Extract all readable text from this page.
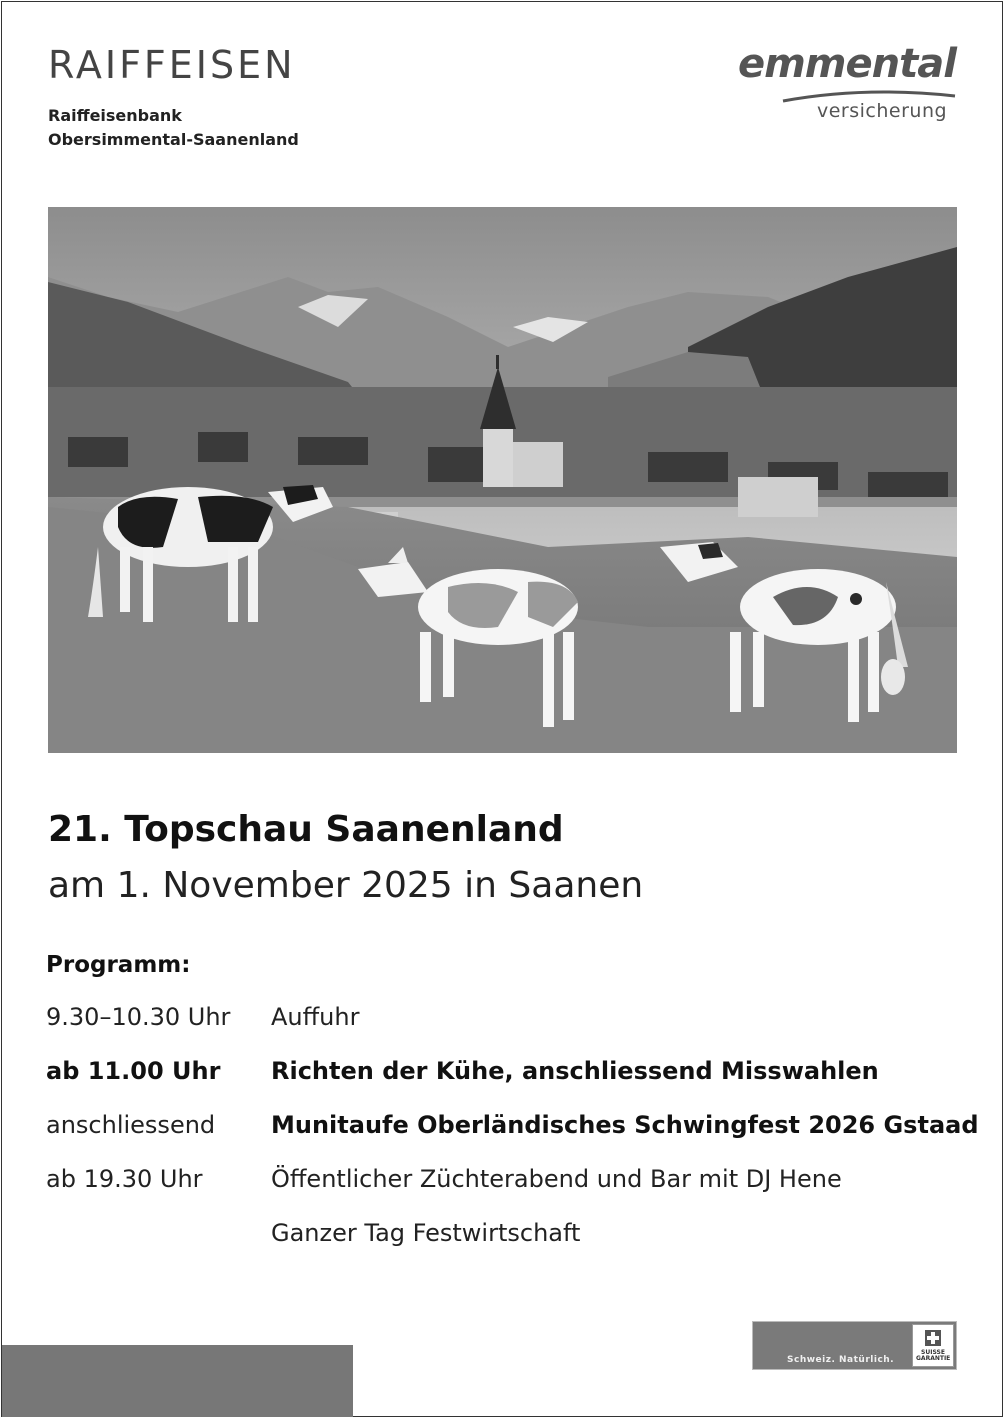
RAIFFEISEN
Raiffeisenbank
Obersimmental-Saanenland
emmental
versicherung
21. Topschau Saanenland
am 1. November 2025 in Saanen
Programm:
9.30–10.30 Uhr Auffuhr
ab 11.00 Uhr Richten der Kühe, anschliessend Misswahlen
anschliessend Munitaufe Oberländisches Schwingfest 2026 Gstaad
ab 19.30 Uhr	Öffentlicher Züchterabend und Bar mit DJ Hene
Ganzer Tag Festwirtschaft
Schweiz. Natürlich.
SUISSE GARANTIE
